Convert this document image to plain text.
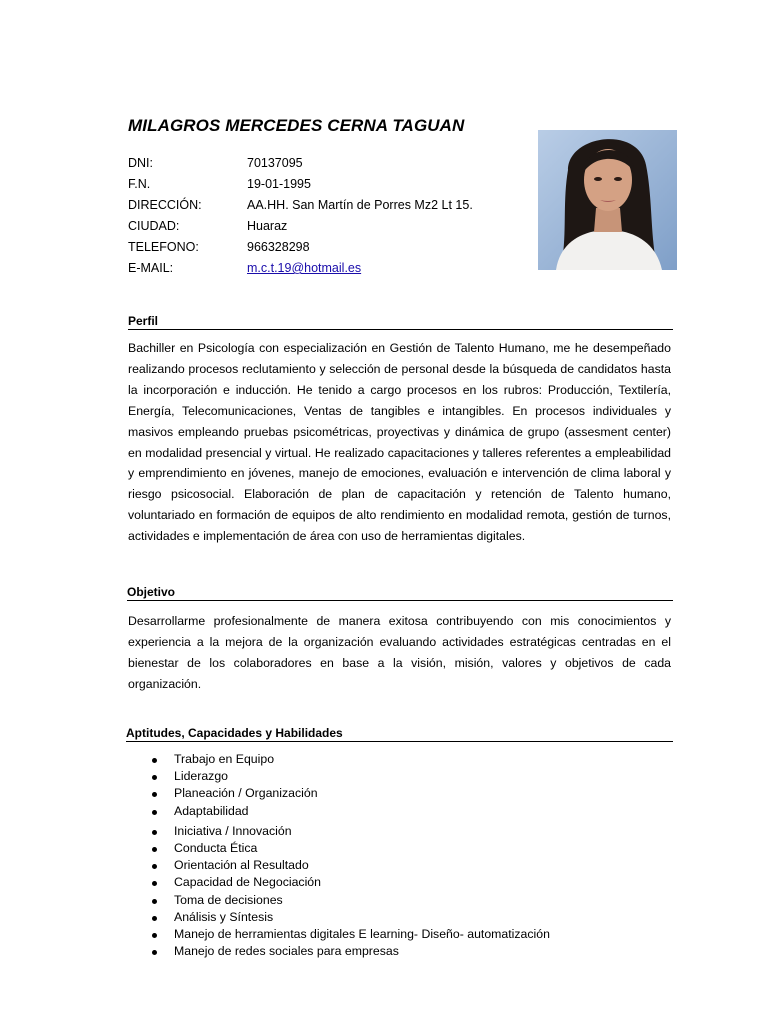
MILAGROS MERCEDES CERNA TAGUAN
DNI:	70137095
F.N.	19-01-1995
DIRECCIÓN:	AA.HH. San Martín de Porres Mz2 Lt 15.
CIUDAD:	Huaraz
TELEFONO:	966328298
E-MAIL:	m.c.t.19@hotmail.es
Perfil
Bachiller en Psicología con especialización en Gestión de Talento Humano, me he desempeñado realizando procesos reclutamiento y selección de personal desde la búsqueda de candidatos hasta la incorporación e inducción. He tenido a cargo procesos en los rubros: Producción, Textilería, Energía, Telecomunicaciones, Ventas de tangibles e intangibles. En procesos individuales y masivos empleando pruebas psicométricas, proyectivas y dinámica de grupo (assesment center) en modalidad presencial y virtual. He realizado capacitaciones y talleres referentes a empleabilidad y emprendimiento en jóvenes, manejo de emociones, evaluación e intervención de clima laboral y riesgo psicosocial. Elaboración de plan de capacitación y retención de Talento humano, voluntariado en formación de equipos de alto rendimiento en modalidad remota, gestión de turnos, actividades e implementación de área con uso de herramientas digitales.
Objetivo
Desarrollarme profesionalmente de manera exitosa contribuyendo con mis conocimientos y experiencia a la mejora de la organización evaluando actividades estratégicas centradas en el bienestar de los colaboradores en base a la visión, misión, valores y objetivos de cada organización.
Aptitudes, Capacidades y Habilidades
Trabajo en Equipo
Liderazgo
Planeación / Organización
Adaptabilidad
Iniciativa / Innovación
Conducta Ética
Orientación al Resultado
Capacidad de Negociación
Toma de decisiones
Análisis y Síntesis
Manejo de herramientas digitales E learning- Diseño- automatización
Manejo de redes sociales para empresas
